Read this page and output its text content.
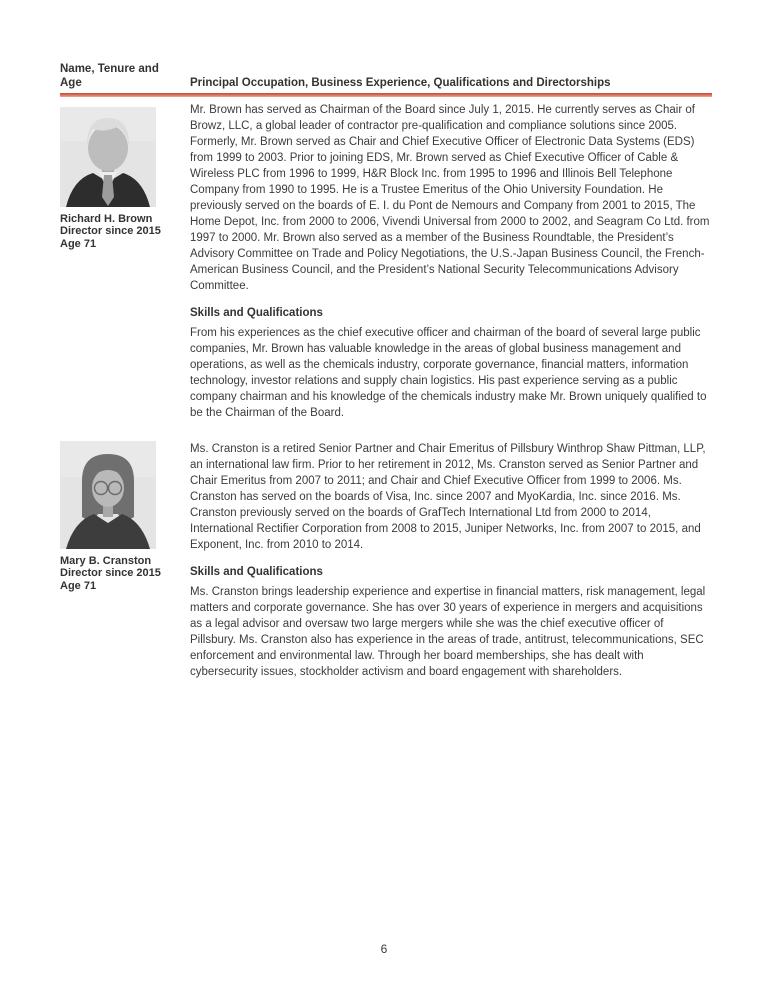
Name, Tenure and
Age	Principal Occupation, Business Experience, Qualifications and Directorships
Richard H. Brown
Director since 2015
Age 71

Mr. Brown has served as Chairman of the Board since July 1, 2015. He currently serves as Chair of Browz, LLC, a global leader of contractor pre-qualification and compliance solutions since 2005. Formerly, Mr. Brown served as Chair and Chief Executive Officer of Electronic Data Systems (EDS) from 1999 to 2003. Prior to joining EDS, Mr. Brown served as Chief Executive Officer of Cable & Wireless PLC from 1996 to 1999, H&R Block Inc. from 1995 to 1996 and Illinois Bell Telephone Company from 1990 to 1995. He is a Trustee Emeritus of the Ohio University Foundation. He previously served on the boards of E. I. du Pont de Nemours and Company from 2001 to 2015, The Home Depot, Inc. from 2000 to 2006, Vivendi Universal from 2000 to 2002, and Seagram Co Ltd. from 1997 to 2000. Mr. Brown also served as a member of the Business Roundtable, the President’s Advisory Committee on Trade and Policy Negotiations, the U.S.-Japan Business Council, the French-American Business Council, and the President’s National Security Telecommunications Advisory Committee.

Skills and Qualifications

From his experiences as the chief executive officer and chairman of the board of several large public companies, Mr. Brown has valuable knowledge in the areas of global business management and operations, as well as the chemicals industry, corporate governance, financial matters, information technology, investor relations and supply chain logistics. His past experience serving as a public company chairman and his knowledge of the chemicals industry make Mr. Brown uniquely qualified to be the Chairman of the Board.

Mary B. Cranston
Director since 2015
Age 71

Ms. Cranston is a retired Senior Partner and Chair Emeritus of Pillsbury Winthrop Shaw Pittman, LLP, an international law firm. Prior to her retirement in 2012, Ms. Cranston served as Senior Partner and Chair Emeritus from 2007 to 2011; and Chair and Chief Executive Officer from 1999 to 2006. Ms. Cranston has served on the boards of Visa, Inc. since 2007 and MyoKardia, Inc. since 2016. Ms. Cranston previously served on the boards of GrafTech International Ltd from 2000 to 2014, International Rectifier Corporation from 2008 to 2015, Juniper Networks, Inc. from 2007 to 2015, and Exponent, Inc. from 2010 to 2014.

Skills and Qualifications

Ms. Cranston brings leadership experience and expertise in financial matters, risk management, legal matters and corporate governance. She has over 30 years of experience in mergers and acquisitions as a legal advisor and oversaw two large mergers while she was the chief executive officer of Pillsbury. Ms. Cranston also has experience in the areas of trade, antitrust, telecommunications, SEC enforcement and environmental law. Through her board memberships, she has dealt with cybersecurity issues, stockholder activism and board engagement with shareholders.

6
